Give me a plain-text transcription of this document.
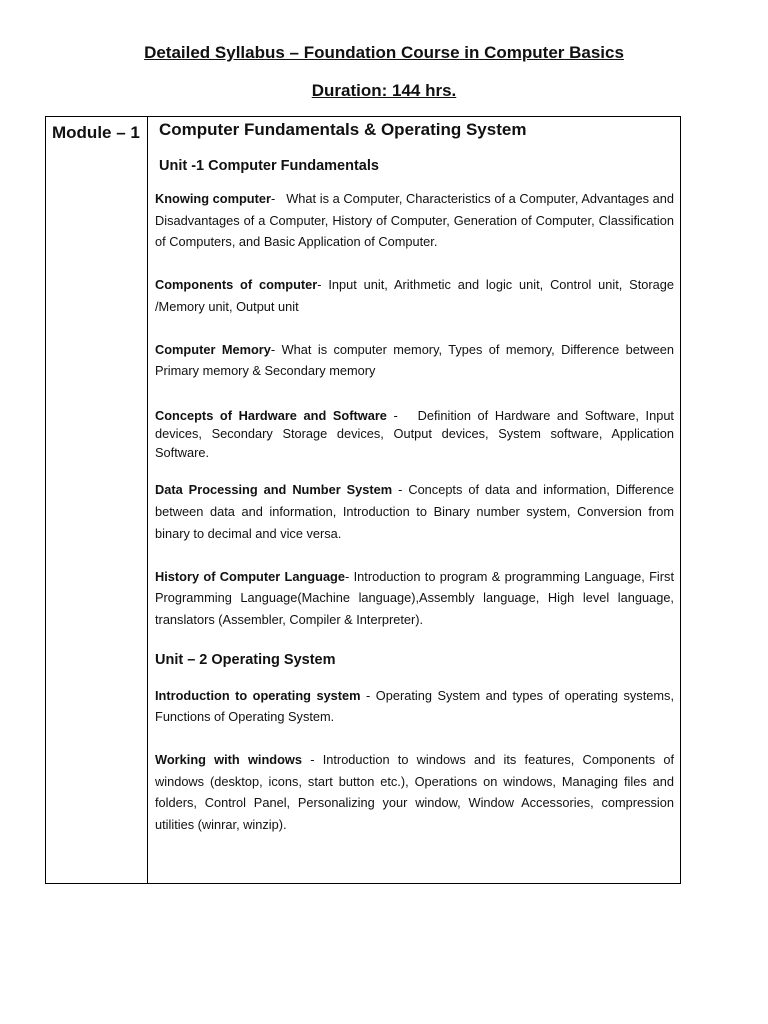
Detailed Syllabus – Foundation Course in Computer Basics
Duration: 144 hrs.
Module – 1	Computer Fundamentals & Operating System
Unit -1 Computer Fundamentals

Knowing computer-   What is a Computer, Characteristics of a Computer, Advantages and Disadvantages of a Computer, History of Computer, Generation of Computer, Classification of Computers, and Basic Application of Computer.

Components of computer- Input unit, Arithmetic and logic unit, Control unit, Storage /Memory unit, Output unit

Computer Memory- What is computer memory, Types of memory, Difference between Primary memory & Secondary memory

Concepts of Hardware and Software -   Definition of Hardware and Software, Input devices, Secondary Storage devices, Output devices, System software, Application Software.

Data Processing and Number System - Concepts of data and information, Difference between data and information, Introduction to Binary number system, Conversion from binary to decimal and vice versa.

History of Computer Language- Introduction to program & programming Language, First Programming Language(Machine language),Assembly language, High level language, translators (Assembler, Compiler & Interpreter).

Unit – 2 Operating System

Introduction to operating system - Operating System and types of operating systems, Functions of Operating System.

Working with windows - Introduction to windows and its features, Components of windows (desktop, icons, start button etc.), Operations on windows, Managing files and folders, Control Panel, Personalizing your window, Window Accessories, compression utilities (winrar, winzip).
